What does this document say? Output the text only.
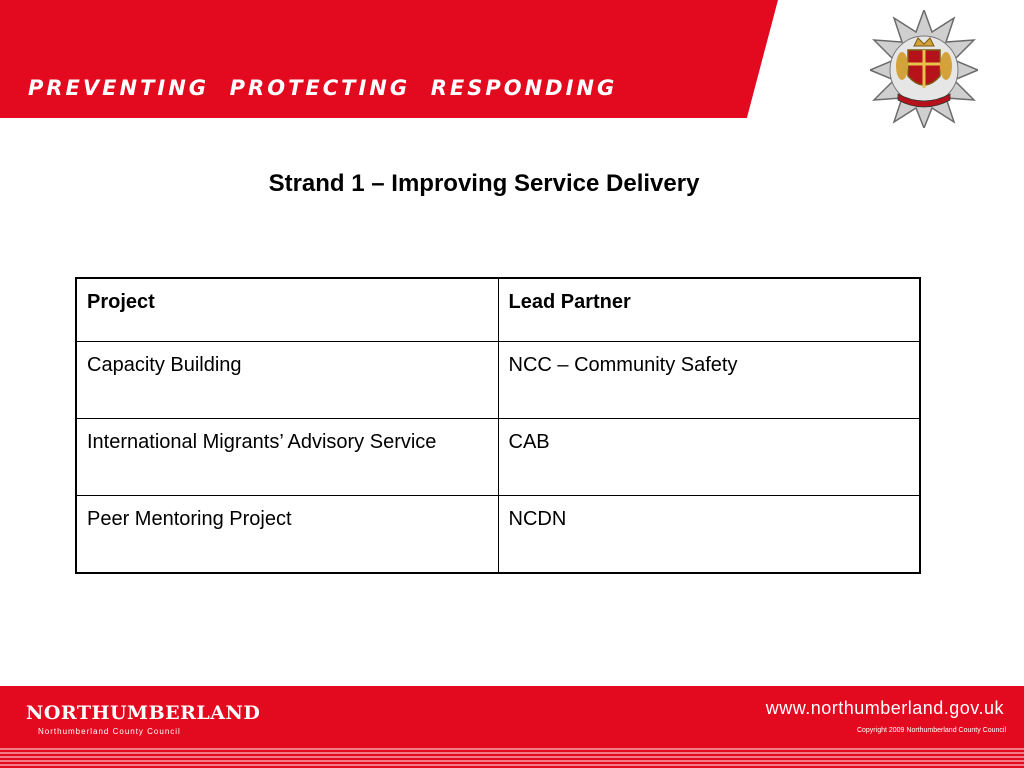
PREVENTING  PROTECTING  RESPONDING
Strand 1 – Improving Service Delivery
Project	Lead Partner
Capacity Building	NCC – Community Safety
International Migrants’ Advisory Service	CAB
Peer Mentoring Project	NCDN
NORTHUMBERLAND
Northumberland County Council
www.northumberland.gov.uk
Copyright 2009 Northumberland County Council
